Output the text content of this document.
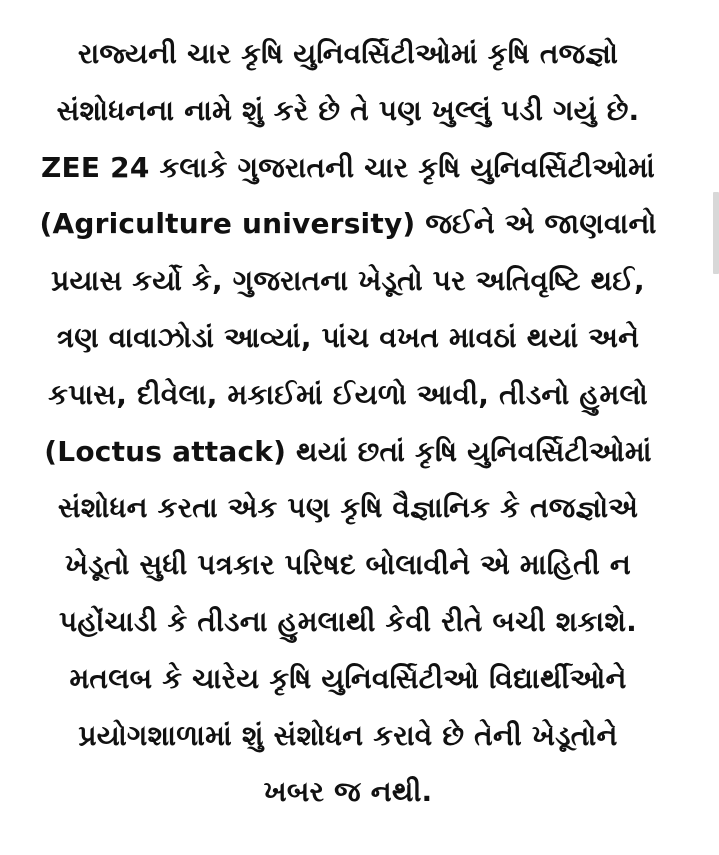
રાજ્યની ચાર કૃષિ યુનિવર્સિટીઓમાં કૃષિ તજજ્ઞો
સંશોધનના નામે શું કરે છે તે પણ ખુલ્લું પડી ગયું છે.
ZEE 24 કલાકે ગુજરાતની ચાર કૃષિ યુનિવર્સિટીઓમાં
(Agriculture university) જઈને એ જાણવાનો
પ્રયાસ કર્યો કે, ગુજરાતના ખેડૂતો પર અતિવૃષ્ટિ થઈ,
ત્રણ વાવાઝોડાં આવ્યાં, પાંચ વખત માવઠાં થયાં અને
કપાસ, દીવેલા, મકાઈમાં ઈયળો આવી, તીડનો હુમલો
(Loctus attack) થયાં છતાં કૃષિ યુનિવર્સિટીઓમાં
સંશોધન કરતા એક પણ કૃષિ વૈજ્ઞાનિક કે તજજ્ઞોએ
ખેડૂતો સુધી પત્રકાર પરિષદ બોલાવીને એ માહિતી ન
પહોંચાડી કે તીડના હુમલાથી કેવી રીતે બચી શકાશે.
મતલબ કે ચારેય કૃષિ યુનિવર્સિટીઓ વિદ્યાર્થીઓને
પ્રયોગશાળામાં શું સંશોધન કરાવે છે તેની ખેડૂતોને
ખબર જ નથી.
